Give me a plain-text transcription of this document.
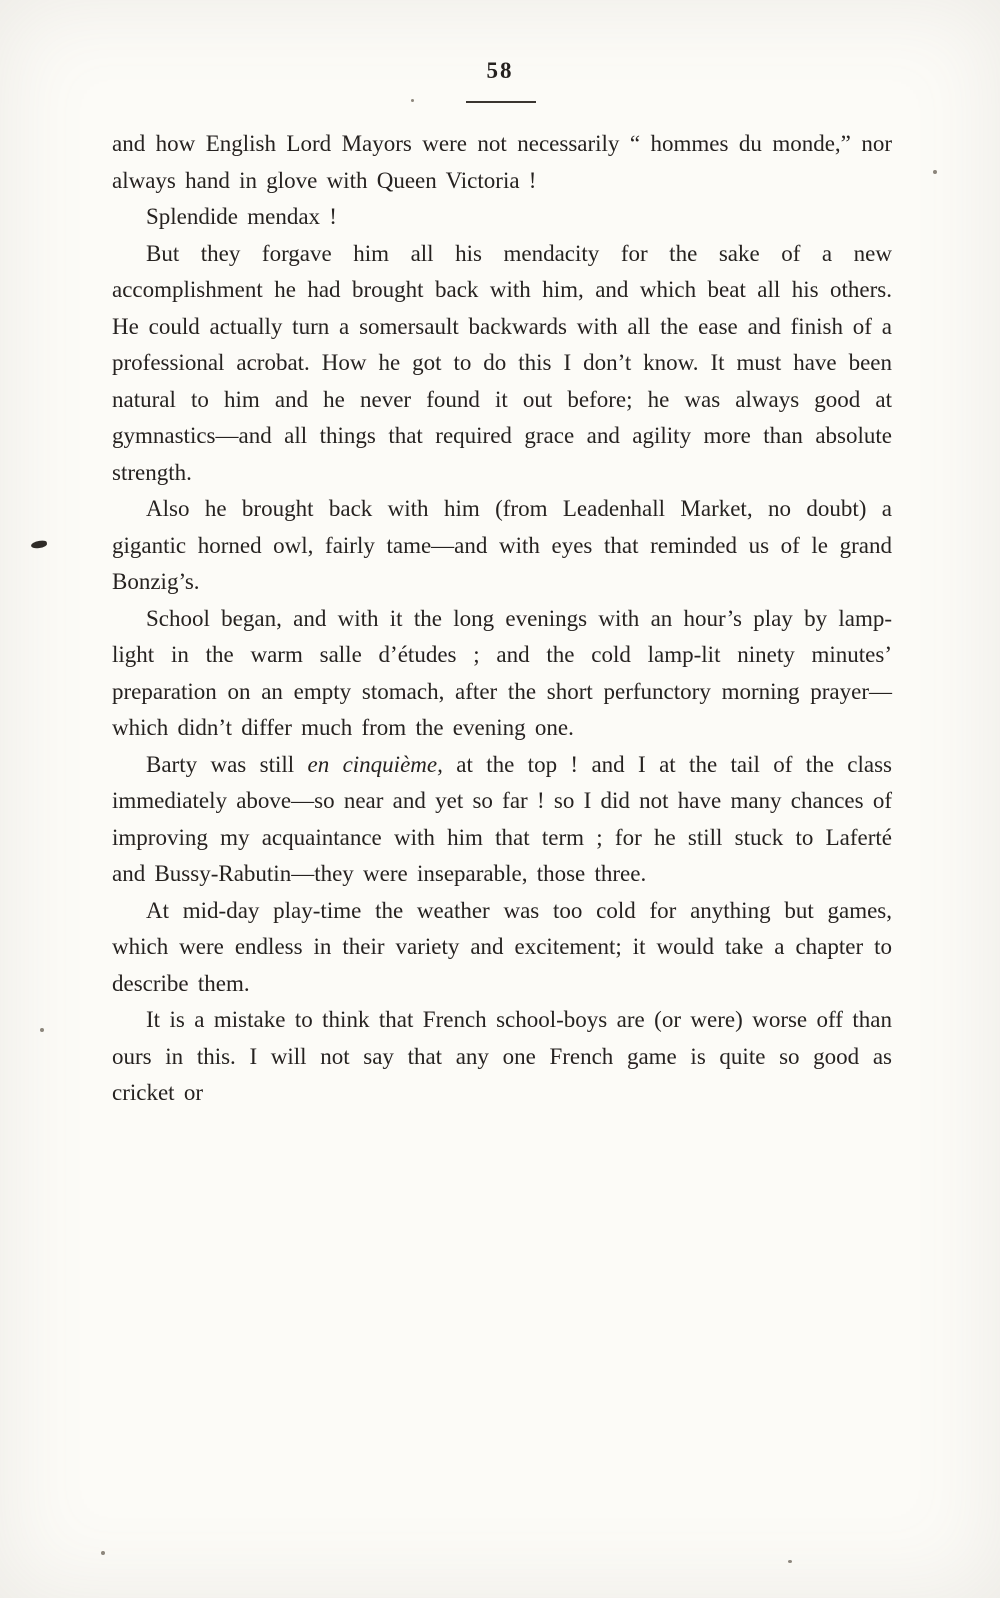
58

and how English Lord Mayors were not necessarily “ hommes du monde,” nor always hand in glove with Queen Victoria !

Splendide mendax !

But they forgave him all his mendacity for the sake of a new accomplishment he had brought back with him, and which beat all his others. He could actually turn a somersault backwards with all the ease and finish of a professional acrobat. How he got to do this I don’t know. It must have been natural to him and he never found it out before; he was always good at gymnastics—and all things that required grace and agility more than absolute strength.

Also he brought back with him (from Leadenhall Market, no doubt) a gigantic horned owl, fairly tame—and with eyes that reminded us of le grand Bonzig’s.

School began, and with it the long evenings with an hour’s play by lamp-light in the warm salle d’études ; and the cold lamp-lit ninety minutes’ preparation on an empty stomach, after the short perfunctory morning prayer—which didn’t differ much from the evening one.

Barty was still en cinquième, at the top ! and I at the tail of the class immediately above—so near and yet so far ! so I did not have many chances of improving my acquaintance with him that term ; for he still stuck to Laferté and Bussy-Rabutin—they were inseparable, those three.

At mid-day play-time the weather was too cold for anything but games, which were endless in their variety and excitement; it would take a chapter to describe them.

It is a mistake to think that French school-boys are (or were) worse off than ours in this. I will not say that any one French game is quite so good as cricket or
